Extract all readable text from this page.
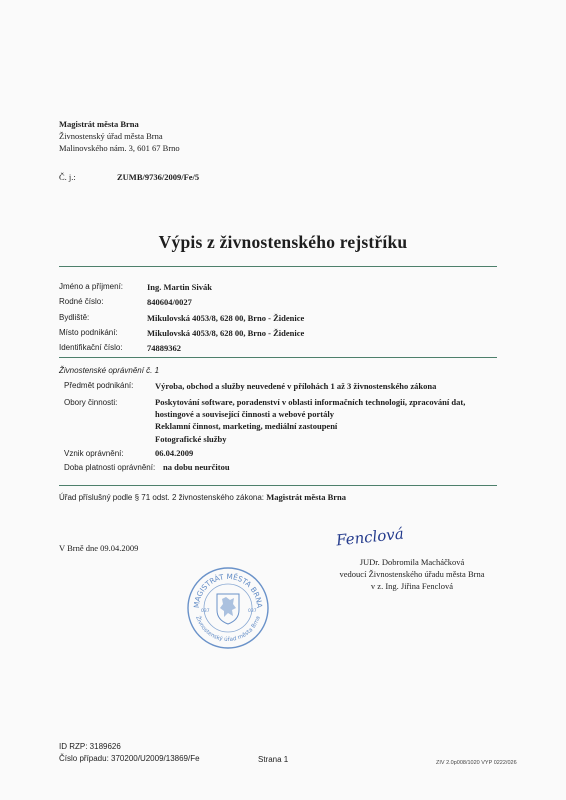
Magistrát města Brna
Živnostenský úřad města Brna
Malinovského nám. 3, 601 67 Brno
Č. j.:	ZUMB/9736/2009/Fe/5
Výpis z živnostenského rejstříku
Jméno a příjmení:	Ing. Martin Sivák
Rodné číslo:	840604/0027
Bydliště:	Mikulovská 4053/8, 628 00, Brno - Židenice
Místo podnikání:	Mikulovská 4053/8, 628 00, Brno - Židenice
Identifikační číslo:	74889362
Živnostenské oprávnění č. 1
Předmět podnikání:	Výroba, obchod a služby neuvedené v přílohách 1 až 3 živnostenského zákona
Obory činnosti:	Poskytování software, poradenství v oblasti informačních technologií, zpracování dat,
hostingové a související činnosti a webové portály
Reklamní činnost, marketing, mediální zastoupení
Fotografické služby
Vznik oprávnění:	06.04.2009
Doba platnosti oprávnění: na dobu neurčitou
Úřad příslušný podle § 71 odst. 2 živnostenského zákona: Magistrát města Brna
V Brně dne 09.04.2009	Fenclová
JUDr. Dobromila Macháčková
vedoucí Živnostenského úřadu města Brna
v z. Ing. Jiřina Fenclová
MAGISTRÁT MĚSTA BRNA
Živnostenský úřad města Brna
037	037
ID RZP: 3189626
Číslo případu: 370200/U2009/13869/Fe	Strana 1	ZIV 2.0p008/1020 VYP 0222/026
